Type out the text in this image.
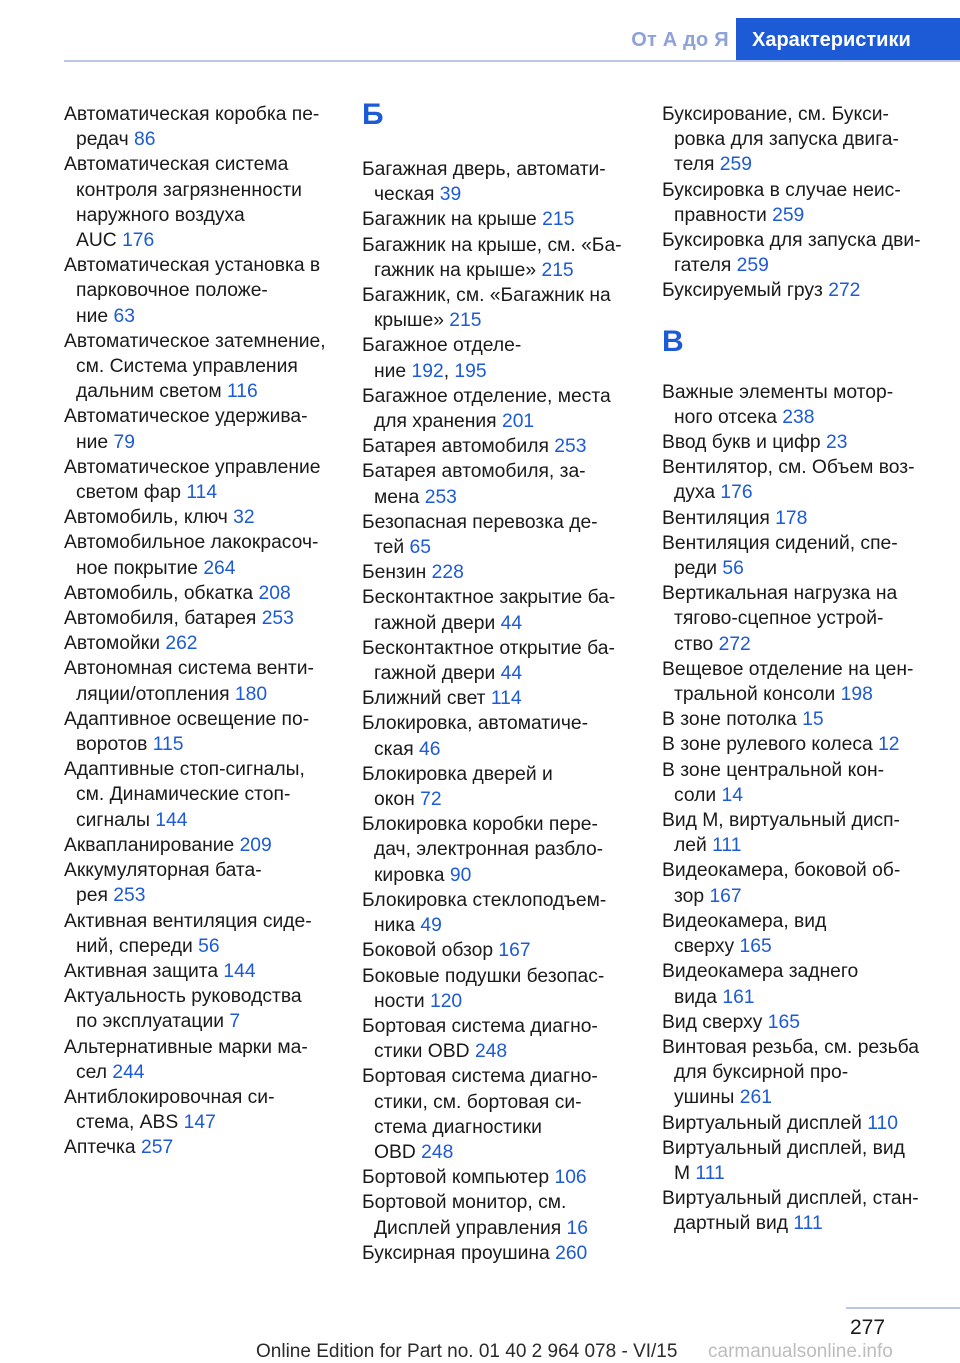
От А до Я	Характеристики
Автоматическая коробка пе-
редач 86
Автоматическая система
контроля загрязненности
наружного воздуха
AUC 176
Автоматическая установка в
парковочное положе-
ние 63
Автоматическое затемнение,
см. Система управления
дальним светом 116
Автоматическое удержива-
ние 79
Автоматическое управление
светом фар 114
Автомобиль, ключ 32
Автомобильное лакокрасоч-
ное покрытие 264
Автомобиль, обкатка 208
Автомобиля, батарея 253
Автомойки 262
Автономная система венти-
ляции/отопления 180
Адаптивное освещение по-
воротов 115
Адаптивные стоп-сигналы,
см. Динамические стоп-
сигналы 144
Аквапланирование 209
Аккумуляторная бата-
рея 253
Активная вентиляция сиде-
ний, спереди 56
Активная защита 144
Актуальность руководства
по эксплуатации 7
Альтернативные марки ма-
сел 244
Антиблокировочная си-
стема, ABS 147
Аптечка 257
Б
Багажная дверь, автомати-
ческая 39
Багажник на крыше 215
Багажник на крыше, см. «Ба-
гажник на крыше» 215
Багажник, см. «Багажник на
крыше» 215
Багажное отделе-
ние 192, 195
Багажное отделение, места
для хранения 201
Батарея автомобиля 253
Батарея автомобиля, за-
мена 253
Безопасная перевозка де-
тей 65
Бензин 228
Бесконтактное закрытие ба-
гажной двери 44
Бесконтактное открытие ба-
гажной двери 44
Ближний свет 114
Блокировка, автоматиче-
ская 46
Блокировка дверей и
окон 72
Блокировка коробки пере-
дач, электронная разбло-
кировка 90
Блокировка стеклоподъем-
ника 49
Боковой обзор 167
Боковые подушки безопас-
ности 120
Бортовая система диагно-
стики OBD 248
Бортовая система диагно-
стики, см. бортовая си-
стема диагностики
OBD 248
Бортовой компьютер 106
Бортовой монитор, см.
Дисплей управления 16
Буксирная проушина 260
Буксирование, см. Букси-
ровка для запуска двига-
теля 259
Буксировка в случае неис-
правности 259
Буксировка для запуска дви-
гателя 259
Буксируемый груз 272
В
Важные элементы мотор-
ного отсека 238
Ввод букв и цифр 23
Вентилятор, см. Объем воз-
духа 176
Вентиляция 178
Вентиляция сидений, спе-
реди 56
Вертикальная нагрузка на
тягово-сцепное устрой-
ство 272
Вещевое отделение на цен-
тральной консоли 198
В зоне потолка 15
В зоне рулевого колеса 12
В зоне центральной кон-
соли 14
Вид M, виртуальный дисп-
лей 111
Видеокамера, боковой об-
зор 167
Видеокамера, вид
сверху 165
Видеокамера заднего
вида 161
Вид сверху 165
Винтовая резьба, см. резьба
для буксирной про-
ушины 261
Виртуальный дисплей 110
Виртуальный дисплей, вид
M 111
Виртуальный дисплей, стан-
дартный вид 111
277
Online Edition for Part no. 01 40 2 964 078 - VI/15 carmanualsonline.info
